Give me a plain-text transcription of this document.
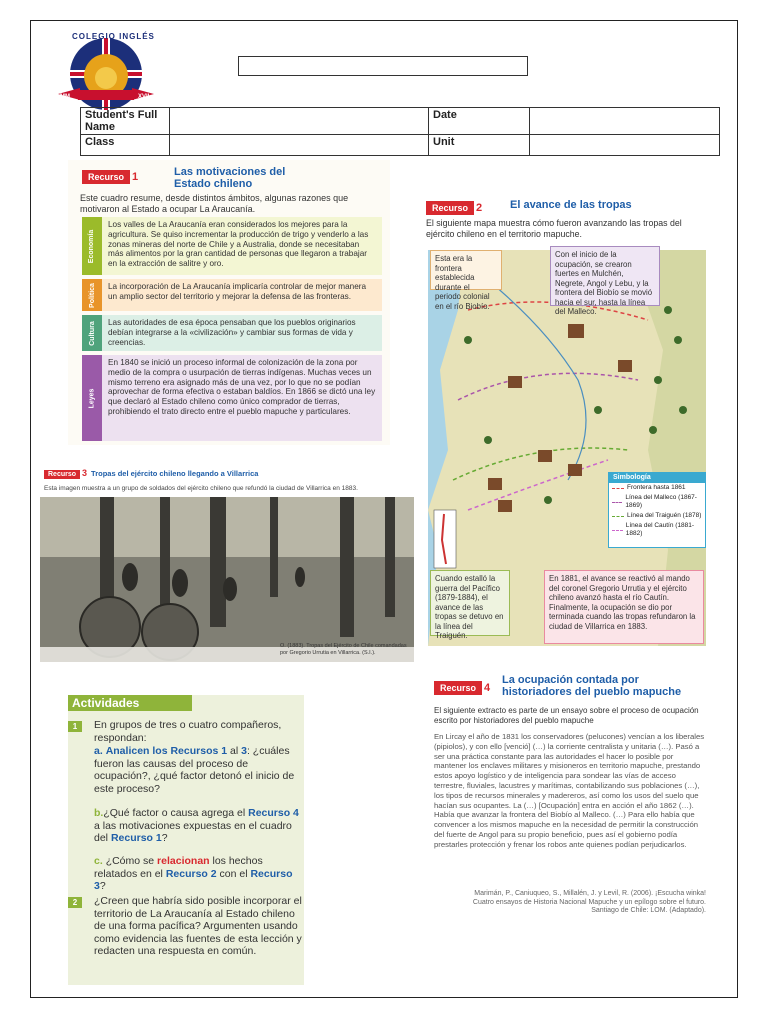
COLEGIO INGLÉS
MM	XVII
Student's Full Name		Date	
Class		Unit	
Recurso 1	Las motivaciones del Estado chileno
Este cuadro resume, desde distintos ámbitos, algunas razones que motivaron al Estado a ocupar La Araucanía.
Economía
Los valles de La Araucanía eran considerados los mejores para la agricultura. Se quiso incrementar la producción de trigo y venderlo a las zonas mineras del norte de Chile y a Australia, donde se necesitaban más alimentos por la gran cantidad de personas que llegaron a trabajar en la extracción de salitre y oro.
Política La incorporación de La Araucanía implicaría controlar de mejor manera un amplio sector del territorio y mejorar la defensa de las fronteras.
Cultura Las autoridades de esa época pensaban que los pueblos originarios debían integrarse a la «civilización» y cambiar sus formas de vida y creencias.
Leyes
En 1840 se inició un proceso informal de colonización de la zona por medio de la compra o usurpación de tierras indígenas. Muchas veces un mismo terreno era asignado más de una vez, por lo que no se podían aprovechar de forma efectiva o estaban baldíos. En 1866 se dictó una ley que declaró al Estado chileno como único comprador de tierras, prohibiendo el trato directo entre el pueblo mapuche y particulares.
Recurso 2	El avance de las tropas
El siguiente mapa muestra cómo fueron avanzando las tropas del ejército chileno en el territorio mapuche.
Esta era la frontera establecida durante el periodo colonial en el río Biobío.
Con el inicio de la ocupación, se crearon fuertes en Mulchén, Negrete, Angol y Lebu, y la frontera del Biobío se movió hacia el sur, hasta la línea del Malleco.
Cuando estalló la guerra del Pacífico (1879-1884), el avance de las tropas se detuvo en la línea del Traiguén.
En 1881, el avance se reactivó al mando del coronel Gregorio Urrutia y el ejército chileno avanzó hasta el río Cautín. Finalmente, la ocupación se dio por terminada cuando las tropas refundaron la ciudad de Villarrica en 1883.
Simbología
Frontera hasta 1861
Línea del Malleco (1867-1869)
Línea del Traiguén (1878)
Línea del Cautín (1881-1882)
Recurso 3 Tropas del ejército chileno llegando a Villarrica
Esta imagen muestra a un grupo de soldados del ejército chileno que refundó la ciudad de Villarrica en 1883.
O. (1883). Tropas del Ejército de Chile comandadas por Gregorio Urrutia en Villarrica. (S.I.).
Actividades
1	En grupos de tres o cuatro compañeros, respondan:
a. Analicen los Recursos 1 al 3: ¿cuáles fueron las causas del proceso de ocupación?, ¿qué factor detonó el inicio de este proceso?
b.¿Qué factor o causa agrega el Recurso 4 a las motivaciones expuestas en el cuadro del Recurso 1?
c. ¿Cómo se relacionan los hechos relatados en el Recurso 2 con el Recurso 3?
2	¿Creen que habría sido posible incorporar el territorio de La Araucanía al Estado chileno de una forma pacífica? Argumenten usando como evidencia las fuentes de esta lección y redacten una respuesta en común.
Recurso 4
La ocupación contada por historiadores del pueblo mapuche
El siguiente extracto es parte de un ensayo sobre el proceso de ocupación escrito por historiadores del pueblo mapuche
En Lircay el año de 1831 los conservadores (pelucones) vencían a los liberales (pipiolos), y con ello [venció] (…) la corriente centralista y unitaria (…). Pasó a ser una práctica constante para las autoridades el hacer lo posible por mantener los enclaves militares y misioneros en territorio mapuche, prestando estos apoyo logístico y de inteligencia para sondear las vías de acceso terrestre, fluviales, lacustres y marítimas, contabilizando sus poblaciones (…), los tipos de recursos minerales y madereros, así como los usos del suelo que hacían sus ocupantes. La (…) [Ocupación] entra en acción el año 1862 (…). Había que avanzar la frontera del Biobío al Malleco. (…) Para ello había que convencer a los mismos mapuche en la necesidad de permitir la construcción del fuerte de Angol para su propio beneficio, pues así el gobierno podía prestarles protección y frenar los robos ante quienes podían perjudicarlos.
Marimán, P., Caniuqueo, S., Millalén, J. y Levil, R. (2006). ¡Escucha winka! Cuatro ensayos de Historia Nacional Mapuche y un epílogo sobre el futuro. Santiago de Chile: LOM. (Adaptado).
